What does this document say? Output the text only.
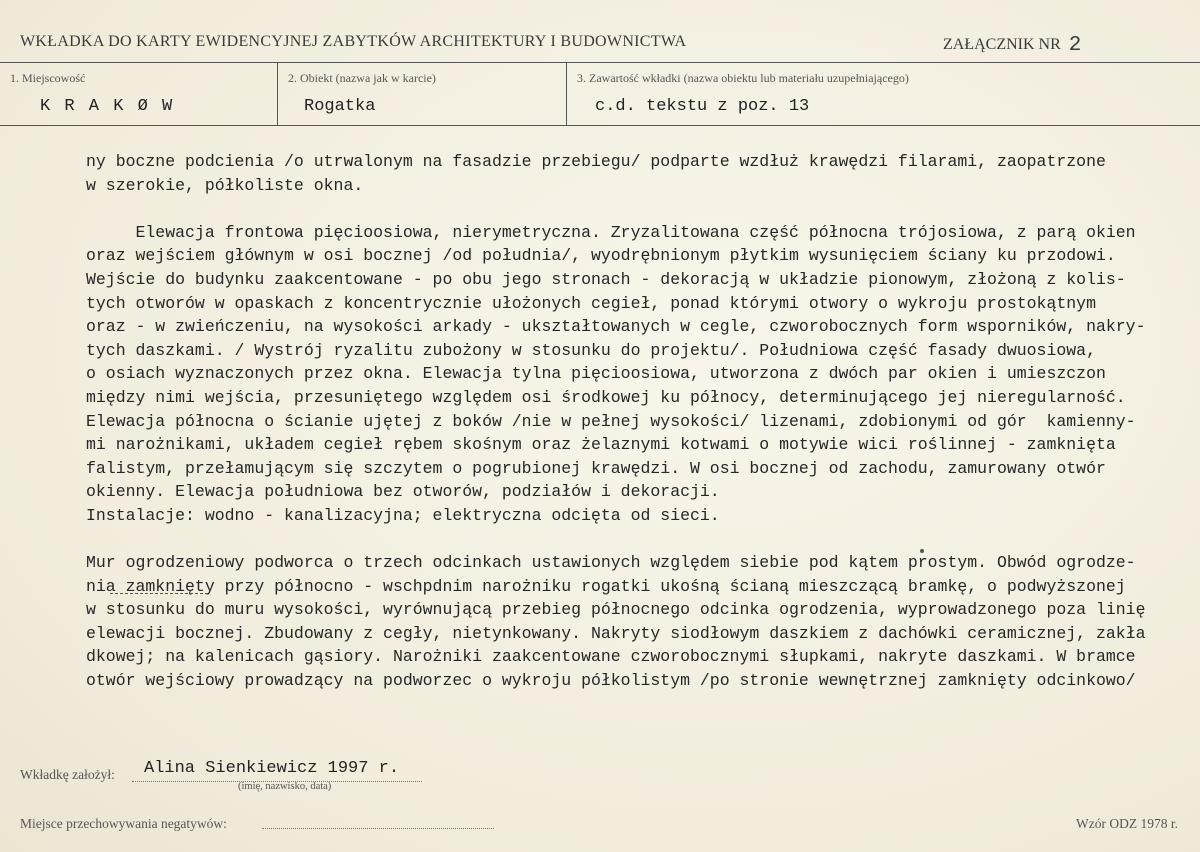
WKŁADKA DO KARTY EWIDENCYJNEJ ZABYTKÓW ARCHITEKTURY I BUDOWNICTWA	ZAŁĄCZNIK NR 2
1. Miejscowość
K R A K Ø W
2. Obiekt (nazwa jak w karcie)
Rogatka
3. Zawartość wkładki (nazwa obiektu lub materiału uzupełniającego)
c.d. tekstu z poz. 13
ny boczne podcienia /o utrwalonym na fasadzie przebiegu/ podparte wzdłuż krawędzi filarami, zaopatrzone
w szerokie, półkoliste okna.
Elewacja frontowa pięcioosiowa, nierymetryczna. Zryzalitowana część północna trójosiowa, z parą okien
oraz wejściem głównym w osi bocznej /od południa/, wyodrębnionym płytkim wysunięciem ściany ku przodowi.
Wejście do budynku zaakcentowane - po obu jego stronach - dekoracją w układzie pionowym, złożoną z kolis-
tych otworów w opaskach z koncentrycznie ułożonych cegieł, ponad którymi otwory o wykroju prostokątnym
oraz - w zwieńczeniu, na wysokości arkady - ukształtowanych w cegle, czworobocznych form wsporników, nakry-
tych daszkami. / Wystrój ryzalitu zubożony w stosunku do projektu/. Południowa część fasady dwuosiowa,
o osiach wyznaczonych przez okna. Elewacja tylna pięcioosiowa, utworzona z dwóch par okien i umieszczon
między nimi wejścia, przesuniętego względem osi środkowej ku północy, determinującego jej nieregularność.
Elewacja północna o ścianie ujętej z boków /nie w pełnej wysokości/ lizenami, zdobionymi od gór  kamienny-
mi narożnikami, układem cegieł rębem skośnym oraz żelaznymi kotwami o motywie wici roślinnej - zamknięta
falistym, przełamującym się szczytem o pogrubionej krawędzi. W osi bocznej od zachodu, zamurowany otwór
okienny. Elewacja południowa bez otworów, podziałów i dekoracji.
Instalacje: wodno - kanalizacyjna; elektryczna odcięta od sieci.
Mur ogrodzeniowy podworca o trzech odcinkach ustawionych względem siebie pod kątem prostym. Obwód ogrodze-
nia zamknięty przy północno - wschpdnim narożniku rogatki ukośną ścianą mieszczącą bramkę, o podwyższonej
w stosunku do muru wysokości, wyrównującą przebieg północnego odcinka ogrodzenia, wyprowadzonego poza linię
elewacji bocznej. Zbudowany z cegły, nietynkowany. Nakryty siodłowym daszkiem z dachówki ceramicznej, zakła
dkowej; na kalenicach gąsiory. Narożniki zaakcentowane czworobocznymi słupkami, nakryte daszkami. W bramce
otwór wejściowy prowadzący na podworzec o wykroju półkolistym /po stronie wewnętrznej zamknięty odcinkowo/
Wkładkę założył: Alina Sienkiewicz 1997 r.
(imię, nazwisko, data)
Miejsce przechowywania negatywów:	Wzór ODZ 1978 r.
